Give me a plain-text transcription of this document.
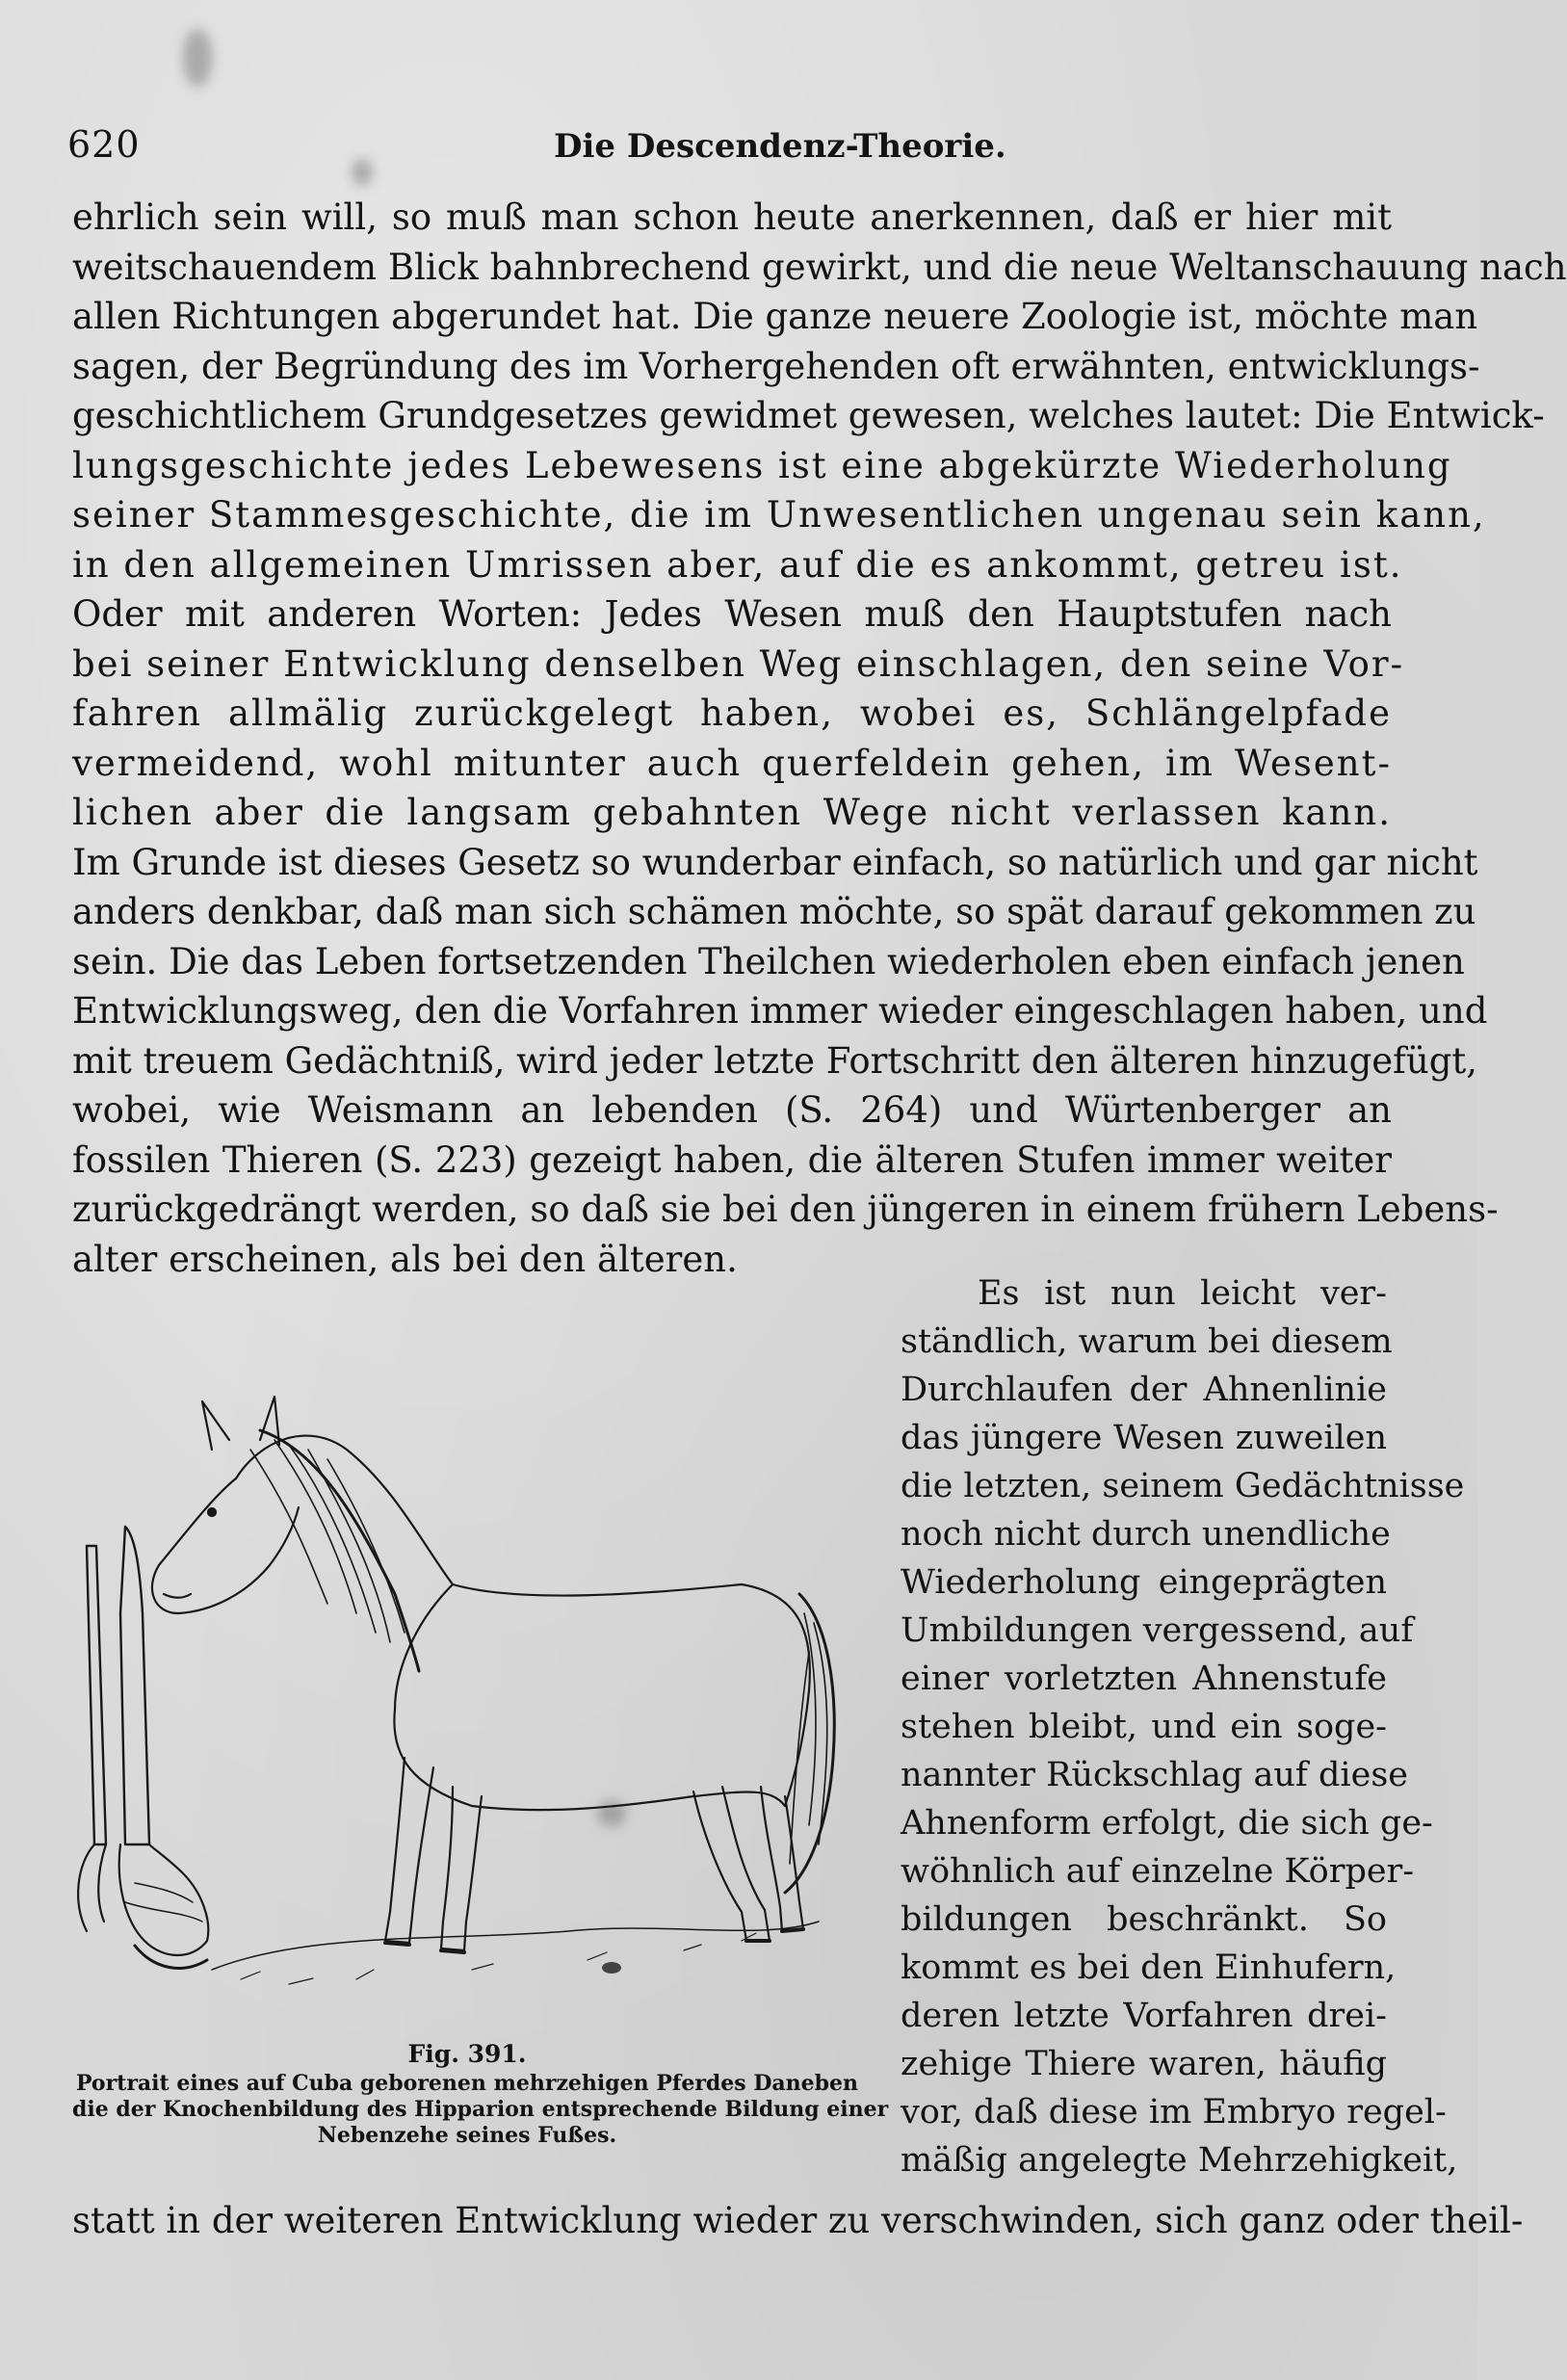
620	Die Descendenz-Theorie.
ehrlich sein will, so muß man schon heute anerkennen, daß er hier mit
weitschauendem Blick bahnbrechend gewirkt, und die neue Weltanschauung nach
allen Richtungen abgerundet hat. Die ganze neuere Zoologie ist, möchte man
sagen, der Begründung des im Vorhergehenden oft erwähnten, entwicklungs-
geschichtlichem Grundgesetzes gewidmet gewesen, welches lautet: Die Entwick-
lungsgeschichte jedes Lebewesens ist eine abgekürzte Wiederholung
seiner Stammesgeschichte, die im Unwesentlichen ungenau sein kann,
in den allgemeinen Umrissen aber, auf die es ankommt, getreu ist.
Oder mit anderen Worten: Jedes Wesen muß den Hauptstufen nach
bei seiner Entwicklung denselben Weg einschlagen, den seine Vor-
fahren allmälig zurückgelegt haben, wobei es, Schlängelpfade
vermeidend, wohl mitunter auch querfeldein gehen, im Wesent-
lichen aber die langsam gebahnten Wege nicht verlassen kann.
Im Grunde ist dieses Gesetz so wunderbar einfach, so natürlich und gar nicht
anders denkbar, daß man sich schämen möchte, so spät darauf gekommen zu
sein. Die das Leben fortsetzenden Theilchen wiederholen eben einfach jenen
Entwicklungsweg, den die Vorfahren immer wieder eingeschlagen haben, und
mit treuem Gedächtniß, wird jeder letzte Fortschritt den älteren hinzugefügt,
wobei, wie Weismann an lebenden (S. 264) und Würtenberger an
fossilen Thieren (S. 223) gezeigt haben, die älteren Stufen immer weiter
zurückgedrängt werden, so daß sie bei den jüngeren in einem frühern Lebens-
alter erscheinen, als bei den älteren.
Fig. 391.
Portrait eines auf Cuba geborenen mehrzehigen Pferdes Daneben
die der Knochenbildung des Hipparion entsprechende Bildung einer
Nebenzehe seines Fußes.
Es ist nun leicht ver-
ständlich, warum bei diesem
Durchlaufen der Ahnenlinie
das jüngere Wesen zuweilen
die letzten, seinem Gedächtnisse
noch nicht durch unendliche
Wiederholung eingeprägten
Umbildungen vergessend, auf
einer vorletzten Ahnenstufe
stehen bleibt, und ein soge-
nannter Rückschlag auf diese
Ahnenform erfolgt, die sich ge-
wöhnlich auf einzelne Körper-
bildungen beschränkt. So
kommt es bei den Einhufern,
deren letzte Vorfahren drei-
zehige Thiere waren, häufig
vor, daß diese im Embryo regel-
mäßig angelegte Mehrzehigkeit,
statt in der weiteren Entwicklung wieder zu verschwinden, sich ganz oder theil-
